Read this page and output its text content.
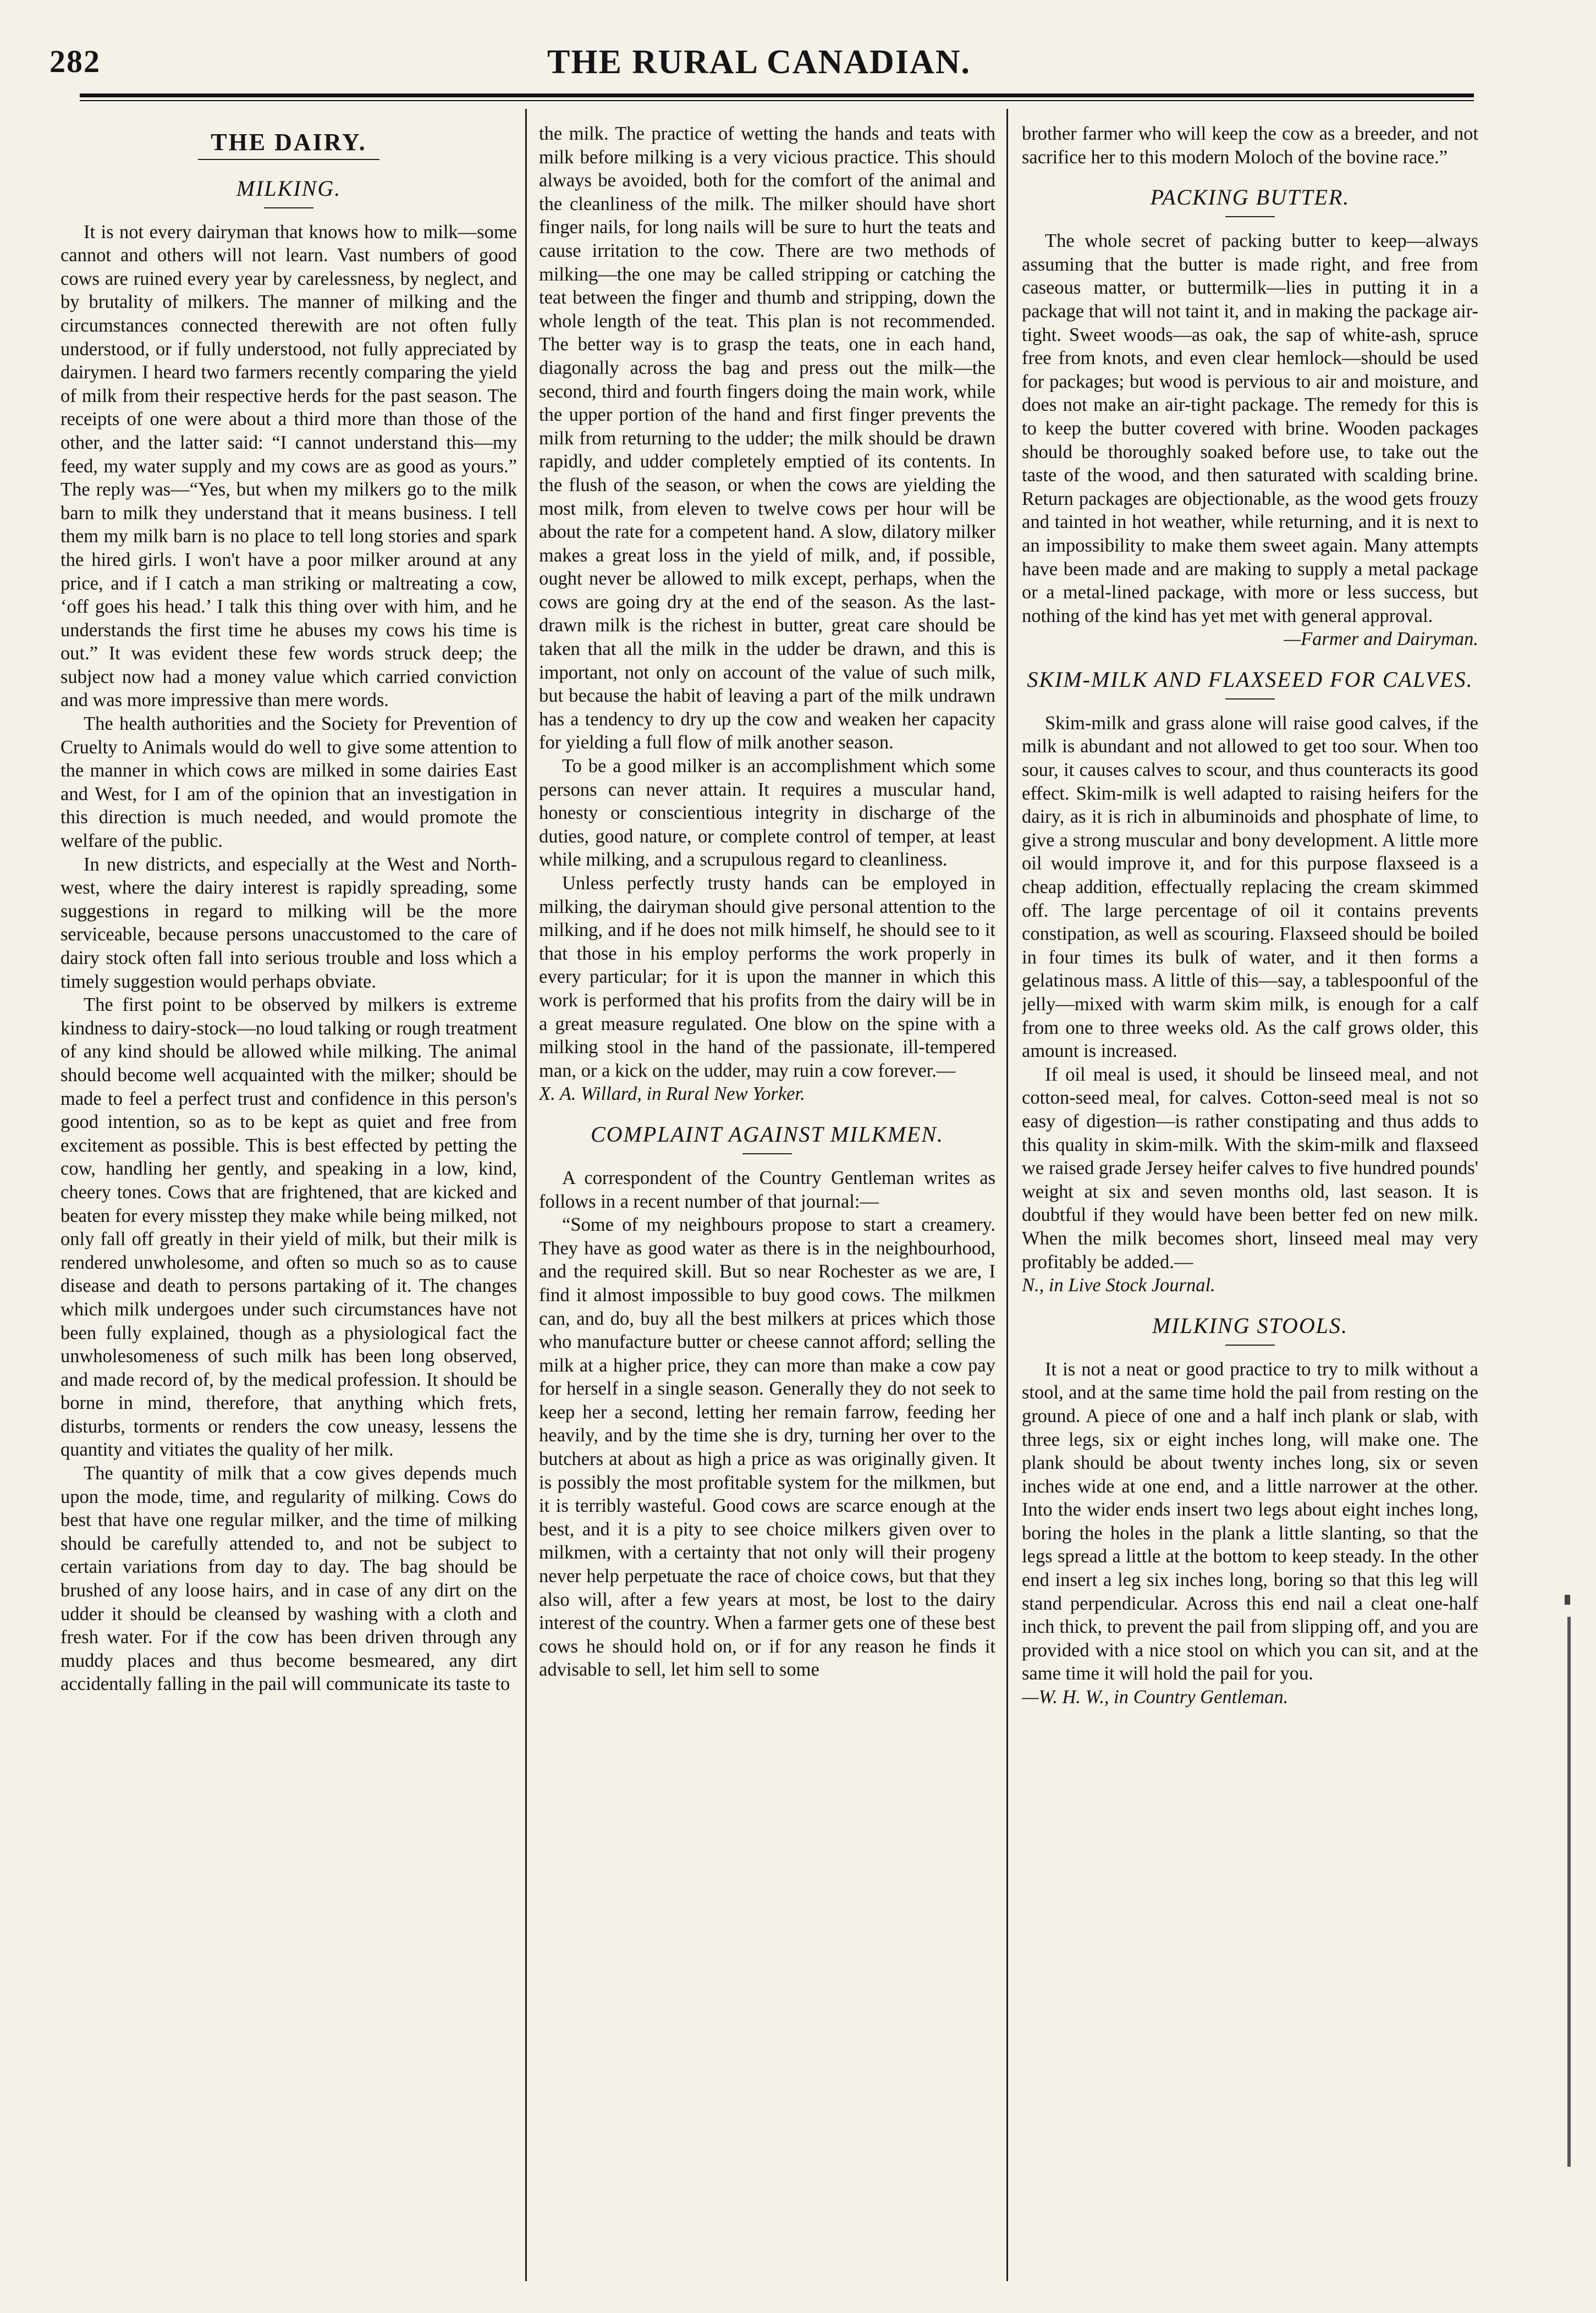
282	THE RURAL CANADIAN.
THE DAIRY.
MILKING.

It is not every dairyman that knows how to milk—some cannot and others will not learn. Vast numbers of good cows are ruined every year by carelessness, by neglect, and by brutality of milkers. The manner of milking and the circumstances connected therewith are not often fully understood, or if fully understood, not fully appreciated by dairymen. I heard two farmers recently comparing the yield of milk from their respective herds for the past season. The receipts of one were about a third more than those of the other, and the latter said: “I cannot understand this—my feed, my water supply and my cows are as good as yours.” The reply was—“Yes, but when my milkers go to the milk barn to milk they understand that it means business. I tell them my milk barn is no place to tell long stories and spark the hired girls. I won't have a poor milker around at any price, and if I catch a man striking or maltreating a cow, ‘off goes his head.’ I talk this thing over with him, and he understands the first time he abuses my cows his time is out.” It was evident these few words struck deep; the subject now had a money value which carried conviction and was more impressive than mere words.

The health authorities and the Society for Prevention of Cruelty to Animals would do well to give some attention to the manner in which cows are milked in some dairies East and West, for I am of the opinion that an investigation in this direction is much needed, and would promote the welfare of the public.

In new districts, and especially at the West and North-west, where the dairy interest is rapidly spreading, some suggestions in regard to milking will be the more serviceable, because persons unaccustomed to the care of dairy stock often fall into serious trouble and loss which a timely suggestion would perhaps obviate.

The first point to be observed by milkers is extreme kindness to dairy-stock—no loud talking or rough treatment of any kind should be allowed while milking. The animal should become well acquainted with the milker; should be made to feel a perfect trust and confidence in this person's good intention, so as to be kept as quiet and free from excitement as possible. This is best effected by petting the cow, handling her gently, and speaking in a low, kind, cheery tones. Cows that are frightened, that are kicked and beaten for every misstep they make while being milked, not only fall off greatly in their yield of milk, but their milk is rendered unwholesome, and often so much so as to cause disease and death to persons partaking of it. The changes which milk undergoes under such circumstances have not been fully explained, though as a physiological fact the unwholesomeness of such milk has been long observed, and made record of, by the medical profession. It should be borne in mind, therefore, that anything which frets, disturbs, torments or renders the cow uneasy, lessens the quantity and vitiates the quality of her milk.

The quantity of milk that a cow gives depends much upon the mode, time, and regularity of milking. Cows do best that have one regular milker, and the time of milking should be carefully attended to, and not be subject to certain variations from day to day. The bag should be brushed of any loose hairs, and in case of any dirt on the udder it should be cleansed by washing with a cloth and fresh water. For if the cow has been driven through any muddy places and thus become besmeared, any dirt accidentally falling in the pail will communicate its taste to

the milk. The practice of wetting the hands and teats with milk before milking is a very vicious practice. This should always be avoided, both for the comfort of the animal and the cleanliness of the milk. The milker should have short finger nails, for long nails will be sure to hurt the teats and cause irritation to the cow. There are two methods of milking—the one may be called stripping or catching the teat between the finger and thumb and stripping, down the whole length of the teat. This plan is not recommended. The better way is to grasp the teats, one in each hand, diagonally across the bag and press out the milk—the second, third and fourth fingers doing the main work, while the upper portion of the hand and first finger prevents the milk from returning to the udder; the milk should be drawn rapidly, and udder completely emptied of its contents. In the flush of the season, or when the cows are yielding the most milk, from eleven to twelve cows per hour will be about the rate for a competent hand. A slow, dilatory milker makes a great loss in the yield of milk, and, if possible, ought never be allowed to milk except, perhaps, when the cows are going dry at the end of the season. As the last-drawn milk is the richest in butter, great care should be taken that all the milk in the udder be drawn, and this is important, not only on account of the value of such milk, but because the habit of leaving a part of the milk undrawn has a tendency to dry up the cow and weaken her capacity for yielding a full flow of milk another season.

To be a good milker is an accomplishment which some persons can never attain. It requires a muscular hand, honesty or conscientious integrity in discharge of the duties, good nature, or complete control of temper, at least while milking, and a scrupulous regard to cleanliness.

Unless perfectly trusty hands can be employed in milking, the dairyman should give personal attention to the milking, and if he does not milk himself, he should see to it that those in his employ performs the work properly in every particular; for it is upon the manner in which this work is performed that his profits from the dairy will be in a great measure regulated. One blow on the spine with a milking stool in the hand of the passionate, ill-tempered man, or a kick on the udder, may ruin a cow forever.—

X. A. Willard, in Rural New Yorker.

COMPLAINT AGAINST MILKMEN.

A correspondent of the Country Gentleman writes as follows in a recent number of that journal:—

“Some of my neighbours propose to start a creamery. They have as good water as there is in the neighbourhood, and the required skill. But so near Rochester as we are, I find it almost impossible to buy good cows. The milkmen can, and do, buy all the best milkers at prices which those who manufacture butter or cheese cannot afford; selling the milk at a higher price, they can more than make a cow pay for herself in a single season. Generally they do not seek to keep her a second, letting her remain farrow, feeding her heavily, and by the time she is dry, turning her over to the butchers at about as high a price as was originally given. It is possibly the most profitable system for the milkmen, but it is terribly wasteful. Good cows are scarce enough at the best, and it is a pity to see choice milkers given over to milkmen, with a certainty that not only will their progeny never help perpetuate the race of choice cows, but that they also will, after a few years at most, be lost to the dairy interest of the country. When a farmer gets one of these best cows he should hold on, or if for any reason he finds it advisable to sell, let him sell to some

brother farmer who will keep the cow as a breeder, and not sacrifice her to this modern Moloch of the bovine race.”

PACKING BUTTER.

The whole secret of packing butter to keep—always assuming that the butter is made right, and free from caseous matter, or buttermilk—lies in putting it in a package that will not taint it, and in making the package air-tight. Sweet woods—as oak, the sap of white-ash, spruce free from knots, and even clear hemlock—should be used for packages; but wood is pervious to air and moisture, and does not make an air-tight package. The remedy for this is to keep the butter covered with brine. Wooden packages should be thoroughly soaked before use, to take out the taste of the wood, and then saturated with scalding brine. Return packages are objectionable, as the wood gets frouzy and tainted in hot weather, while returning, and it is next to an impossibility to make them sweet again. Many attempts have been made and are making to supply a metal package or a metal-lined package, with more or less success, but nothing of the kind has yet met with general approval.

—Farmer and Dairyman.

SKIM-MILK AND FLAXSEED FOR CALVES.

Skim-milk and grass alone will raise good calves, if the milk is abundant and not allowed to get too sour. When too sour, it causes calves to scour, and thus counteracts its good effect. Skim-milk is well adapted to raising heifers for the dairy, as it is rich in albuminoids and phosphate of lime, to give a strong muscular and bony development. A little more oil would improve it, and for this purpose flaxseed is a cheap addition, effectually replacing the cream skimmed off. The large percentage of oil it contains prevents constipation, as well as scouring. Flaxseed should be boiled in four times its bulk of water, and it then forms a gelatinous mass. A little of this—say, a tablespoonful of the jelly—mixed with warm skim milk, is enough for a calf from one to three weeks old. As the calf grows older, this amount is increased.

If oil meal is used, it should be linseed meal, and not cotton-seed meal, for calves. Cotton-seed meal is not so easy of digestion—is rather constipating and thus adds to this quality in skim-milk. With the skim-milk and flaxseed we raised grade Jersey heifer calves to five hundred pounds' weight at six and seven months old, last season. It is doubtful if they would have been better fed on new milk. When the milk becomes short, linseed meal may very profitably be added.—

N., in Live Stock Journal.

MILKING STOOLS.

It is not a neat or good practice to try to milk without a stool, and at the same time hold the pail from resting on the ground. A piece of one and a half inch plank or slab, with three legs, six or eight inches long, will make one. The plank should be about twenty inches long, six or seven inches wide at one end, and a little narrower at the other. Into the wider ends insert two legs about eight inches long, boring the holes in the plank a little slanting, so that the legs spread a little at the bottom to keep steady. In the other end insert a leg six inches long, boring so that this leg will stand perpendicular. Across this end nail a cleat one-half inch thick, to prevent the pail from slipping off, and you are provided with a nice stool on which you can sit, and at the same time it will hold the pail for you.

—W. H. W., in Country Gentleman.
